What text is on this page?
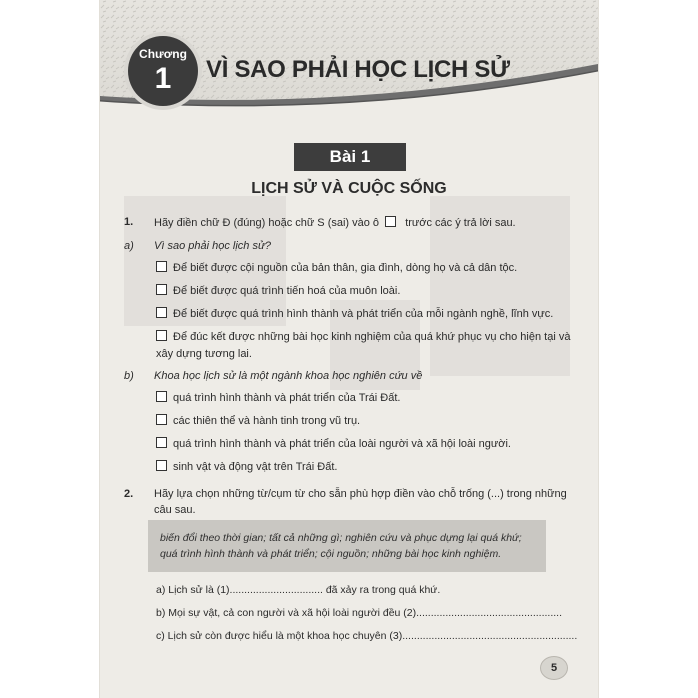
Chương
1	VÌ SAO PHẢI HỌC LỊCH SỬ
Bài 1
LỊCH SỬ VÀ CUỘC SỐNG
1. Hãy điền chữ Đ (đúng) hoặc chữ S (sai) vào ô trước các ý trả lời sau.
a) Vì sao phải học lịch sử?
Để biết được cội nguồn của bản thân, gia đình, dòng họ và cả dân tộc.
Để biết được quá trình tiến hoá của muôn loài.
Để biết được quá trình hình thành và phát triển của mỗi ngành nghề, lĩnh vực.
Để đúc kết được những bài học kinh nghiệm của quá khứ phục vụ cho hiện tại và
xây dựng tương lai.
b) Khoa học lịch sử là một ngành khoa học nghiên cứu về
quá trình hình thành và phát triển của Trái Đất.
các thiên thể và hành tinh trong vũ trụ.
quá trình hình thành và phát triển của loài người và xã hội loài người.
sinh vật và động vật trên Trái Đất.
2. Hãy lựa chọn những từ/cụm từ cho sẵn phù hợp điền vào chỗ trống (...) trong những
câu sau.
biến đổi theo thời gian; tất cả những gì; nghiên cứu và phục dựng lại quá khứ;
quá trình hình thành và phát triển; cội nguồn; những bài học kinh nghiệm.
a) Lịch sử là (1)................................ đã xảy ra trong quá khứ.
b) Mọi sự vật, cả con người và xã hội loài người đều (2)..................................................
c) Lịch sử còn được hiểu là một khoa học chuyên (3)............................................................
5
